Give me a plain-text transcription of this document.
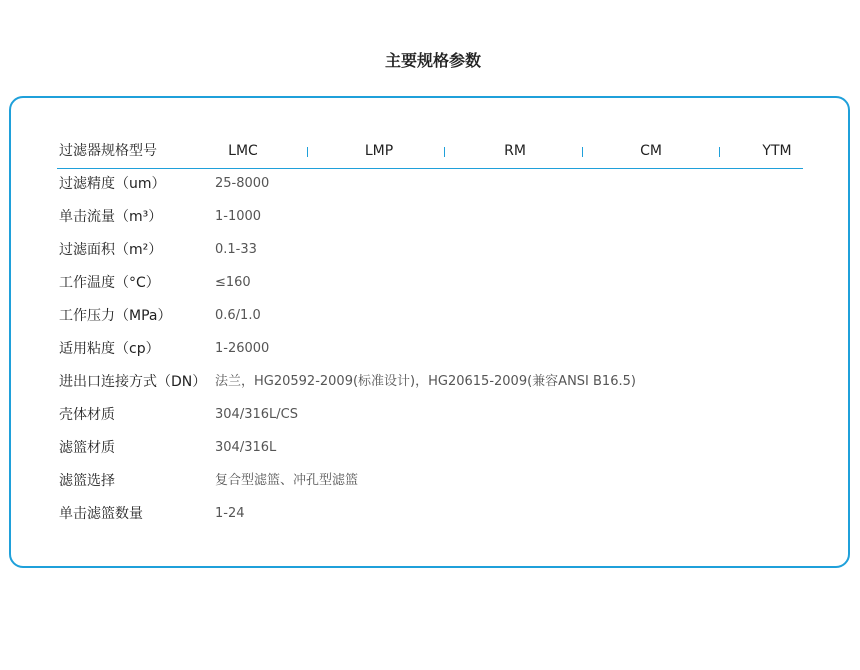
主要规格参数
过滤器规格型号	LMC	LMP	RM	CM	YTM
过滤精度（um）	25-8000
单击流量（m³）	1-1000
过滤面积（m²）	0.1-33
工作温度（°C）	≤160
工作压力（MPa）	0.6/1.0
适用粘度（cp）	1-26000
进出口连接方式（DN） 法兰，HG20592-2009(标准设计)，HG20615-2009(兼容ANSI B16.5)
壳体材质	304/316L/CS
滤篮材质	304/316L
滤篮选择	复合型滤篮、冲孔型滤篮
单击滤篮数量	1-24
